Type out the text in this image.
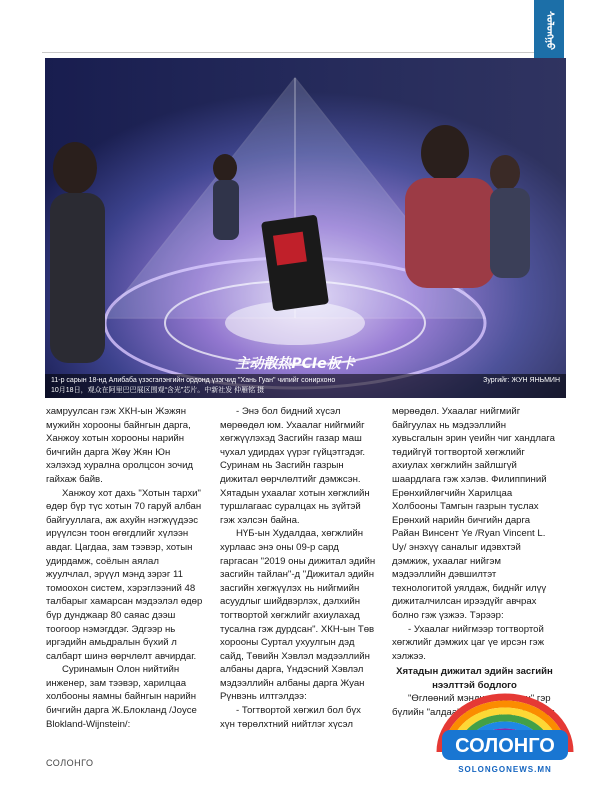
ᠰᠣᠯᠣᠩᠭ᠋ᠣ
主动散热PCIe板卡
11-р сарын 18-нд Алибаба үзэсгэлэнгийн ордонд үзэгчид "Хань Гуан" чипийг сонирхоно	Зургийг: ЖУН ЯНЬМИН
10月18日，观众在阿里巴巴展区围观“含光”芯片。中新社发 仲雁铭 摄

хамруулсан гэж ХКН-ын Жэжян мужийн хорооны байнгын дарга, Ханжоу хотын хорооны нарийн бичгийн дарга Жөу Жян Юн хэлэхэд хурална оролцсон зочид гайхаж байв.

Ханжоу хот дахь "Хотын тархи" өдөр бүр түс хотын 70 гаруй албан байгууллага, аж ахуйн нэгжүүдээс ирүүлсэн тоон өгөгдлийг хүлээн авдаг. Цагдаа, зам тээвэр, хотын удирдамж, соёлын аялал жуулчлал, эрүүл мэнд зэрэг 11 томоохон систем, хэрэглээний 48 талбарыг хамарсан мэдээлэл өдөр бүр дунджаар 80 саяас дээш тоогоор нэмэгддэг. Эдгээр нь иргэдийн амьдралын бүхий л салбарт шинэ өөрчлөлт авчирдаг.

Суринамын Олон нийтийн инженер, зам тээвэр, харилцаа холбооны яамны байнгын нарийн бичгийн дарга Ж.Блокланд /Joyce Blokland-Wijnstein/:

- Энэ бол бидний хүсэл мөрөөдөл юм. Ухаалаг нийгмийг хөгжүүлэхэд Засгийн газар маш чухал удирдах үүрэг гүйцэтгэдэг. Суринам нь Засгийн газрын дижитал өөрчлөлтийг дэмжсэн. Хятадын ухаалаг хотын хөгжлийн туршлагаас суралцах нь зүйтэй гэж хэлсэн байна.

НҮБ-ын Худалдаа, хөгжлийн хурлаас энэ оны 09-р сард гаргасан "2019 оны дижитал эдийн засгийн тайлан"-д "Дижитал эдийн засгийн хөгжүүлэх нь нийгмийн асуудлыг шийдвэрлэх, дэлхийн тогтвортой хөгжлийг ахиулахад тусална гэж дурдсан". ХКН-ын Төв хорооны Суртал ухуулгын дэд сайд, Төвийн Хэвлэл мэдээллийн албаны дарга, Үндэсний Хэвлэл мэдээллийн албаны дарга Жуан Рүнвэнь илтгэлдээ:

- Тогтвортой хөгжил бол бүх хүн төрөлхтний нийтлэг хүсэл

мөрөөдөл. Ухаалаг нийгмийг байгуулах нь мэдээллийн хувьсгалын эрин үеийн чиг хандлага төдийгүй тогтвортой хөгжлийг ахиулах хөгжлийн зайлшгүй шаардлага гэж хэлэв. Филиппиний Ерөнхийлөгчийн Харилцаа Холбооны Тамгын газрын туслах Ерөнхий нарийн бичгийн дарга Райан Винсент Ye /Ryan Vincent L. Uy/ энэхүү саналыг идэвхтэй дэмжиж, ухаалаг нийгэм мэдээллийн дэвшилтэт технологитой уялдаж, биднйг илүү дижиталчилсан ирээдүйг авчрах болно гэж үзжээ. Тэрээр:

- Ухаалаг нийгмээр тогтвортой хөгжлийг дэмжих цаг үе ирсэн гэж хэлжээ.

Хятадын дижитал эдийн засгийн нээлттэй бодлого

"Өглөөний мэндчилгээ эзэн" гэр бүлийн "алдаа" - ухаалаг дуут робот

СОЛОНГО
СОЛОНГО
SOLONGONEWS.MN
